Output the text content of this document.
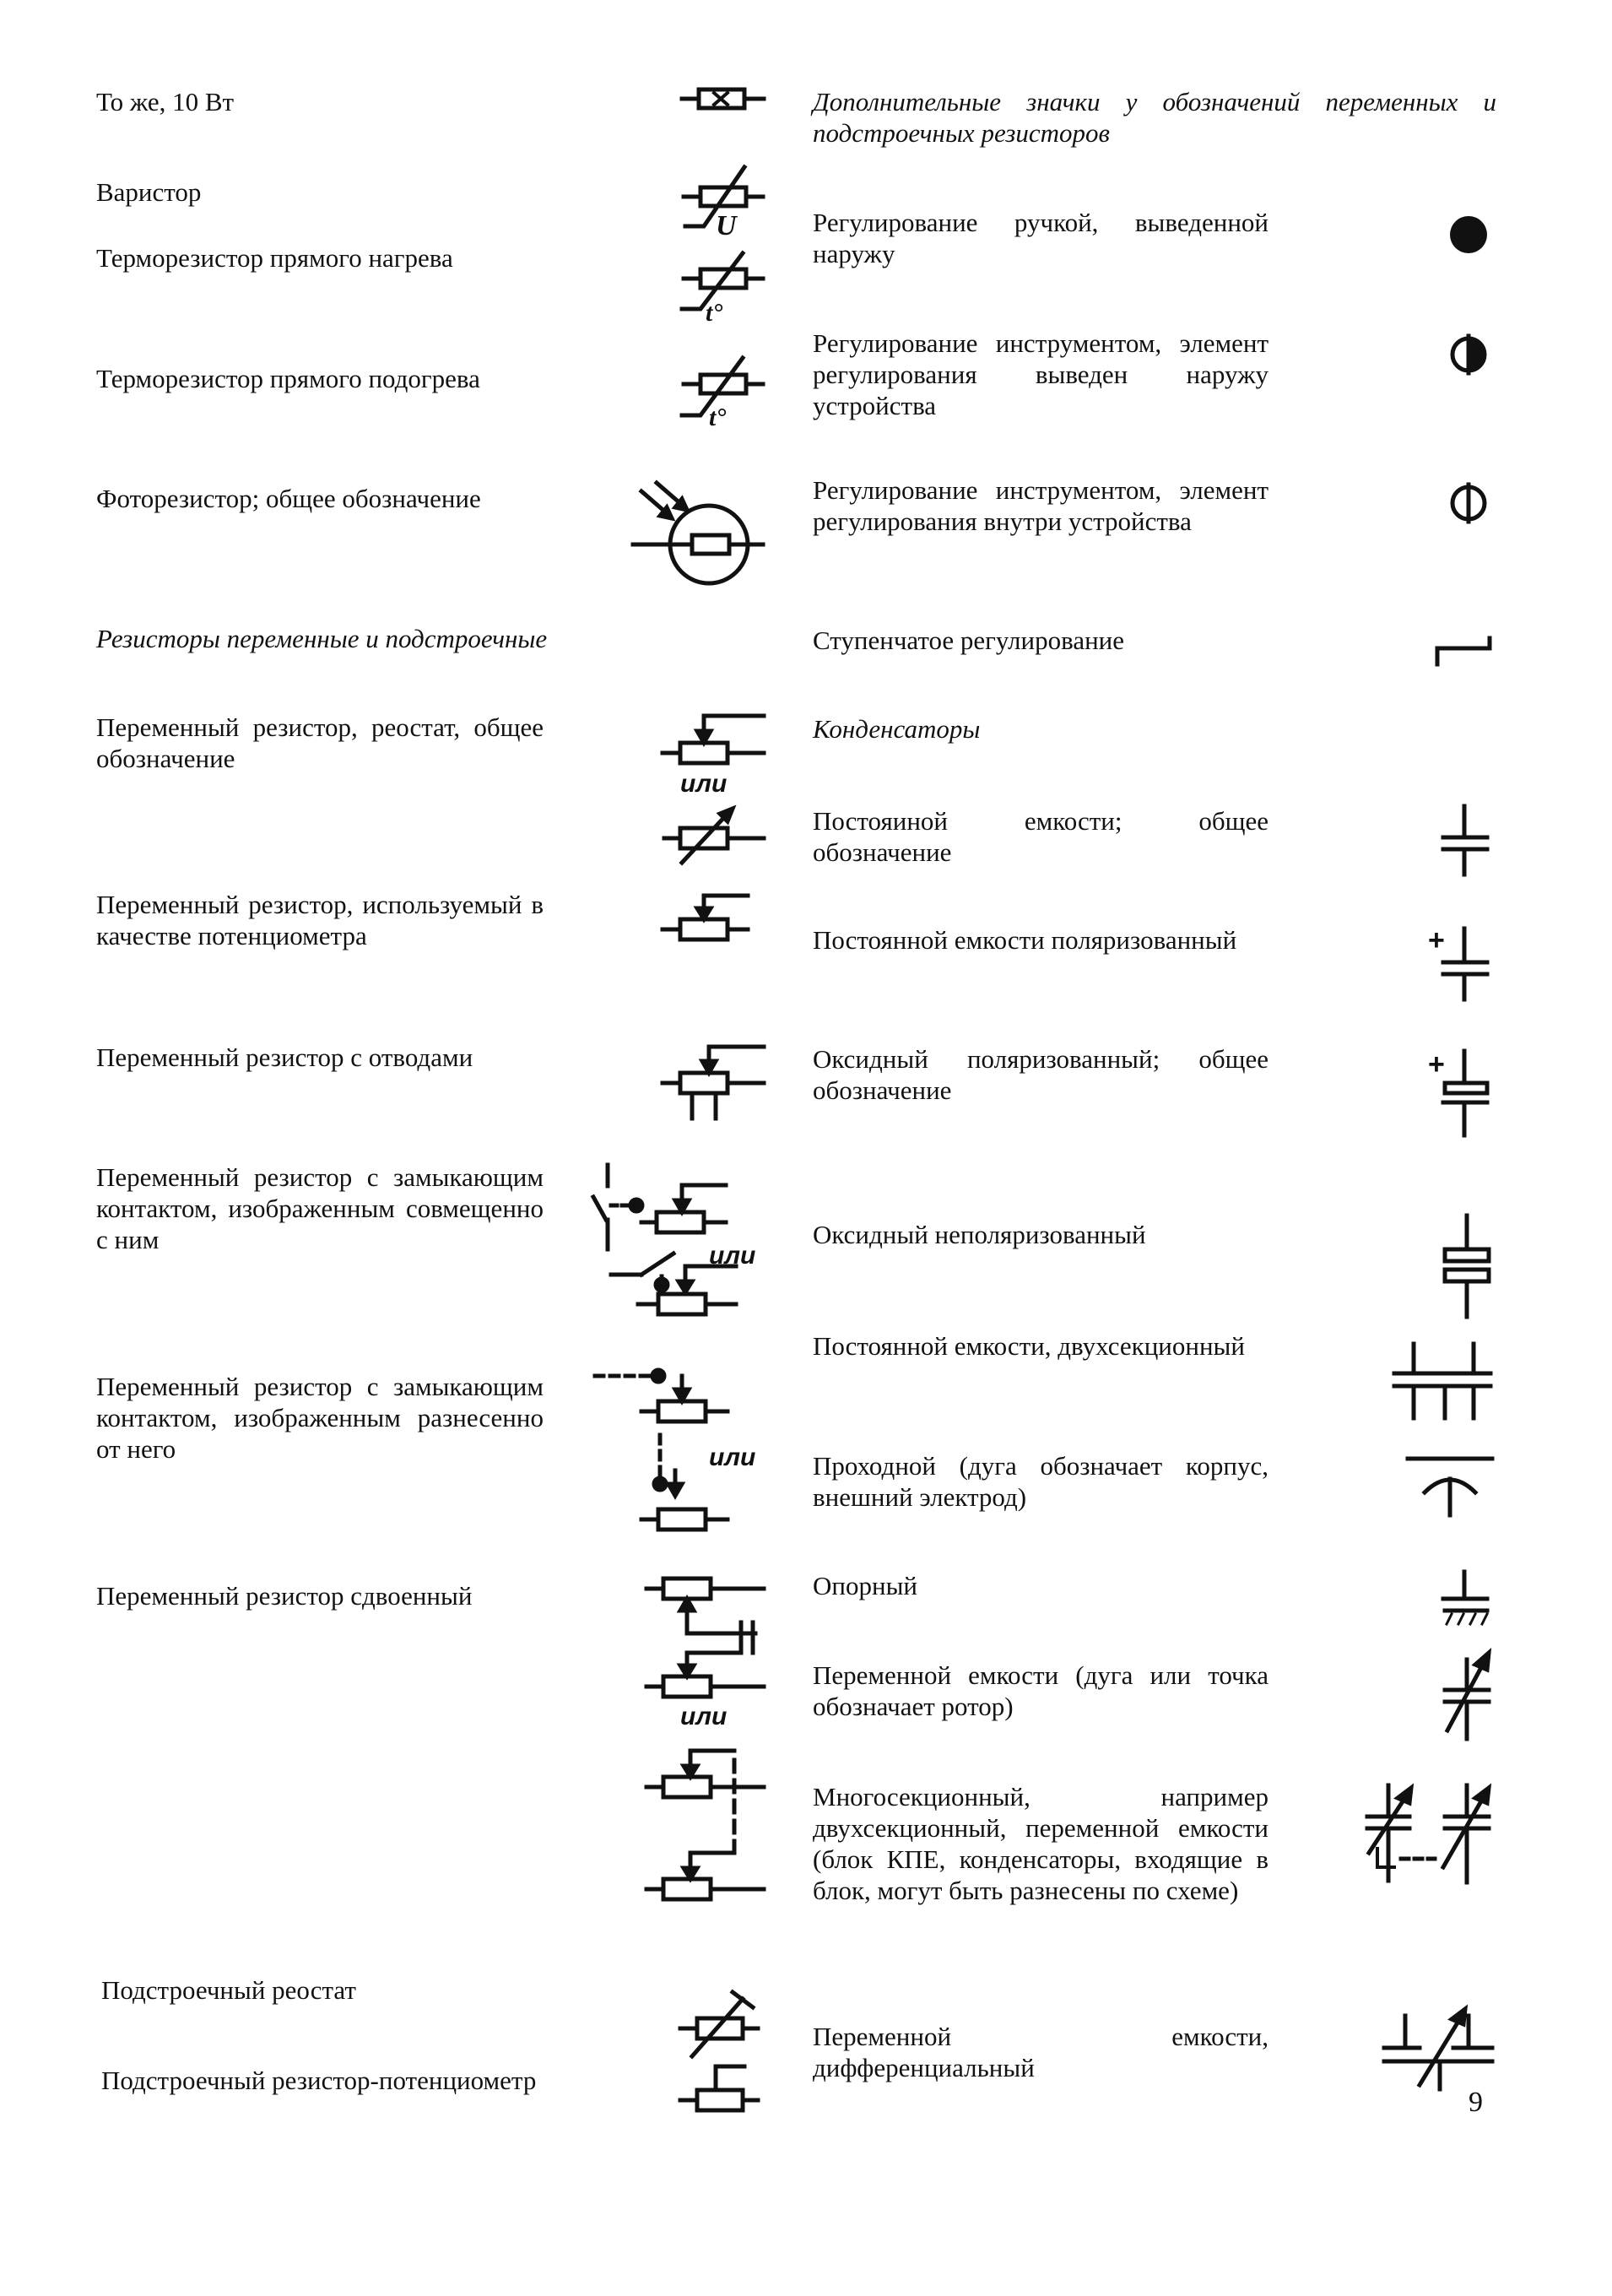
То же, 10 Вт

Варистор

Терморезистор прямого нагрева

Терморезистор прямого подогрева

Фоторезистор; общее обозначение

Резисторы переменные и подстроечные

Переменный резистор, реостат, общее обозначение

Переменный резистор, используемый в качестве потенциометра

Переменный резистор с отводами

Переменный резистор с замыкающим контактом, изображенным совмещенно с ним

Переменный резистор с замыкающим контактом, изображенным разнесенно от него

Переменный резистор сдвоенный

Подстроечный реостат

Подстроечный резистор-потенциометр

Дополнительные значки у обозначений переменных и подстроечных резисторов

Регулирование ручкой, выведенной наружу

Регулирование инструментом, элемент регулирования выведен наружу устройства

Регулирование инструментом, элемент регулирования внутри устройства

Ступенчатое регулирование

Конденсаторы

Постояиной емкости; общее обозначение

Постоянной емкости поляризованный

Оксидный поляризованный; общее обозначение

Оксидный неполяризованный

Постоянной емкости, двухсекционный

Проходной (дуга обозначает корпус, внешний электрод)

Опорный

Переменной емкости (дуга или точка обозначает ротор)

Многосекционный, например двухсекционный, переменной емкости (блок КПЕ, конденсаторы, входящие в блок, могут быть разнесены по схеме)

Переменной емкости, дифференциальный

9
U
t°
t°
или
или
или
или
+
+
